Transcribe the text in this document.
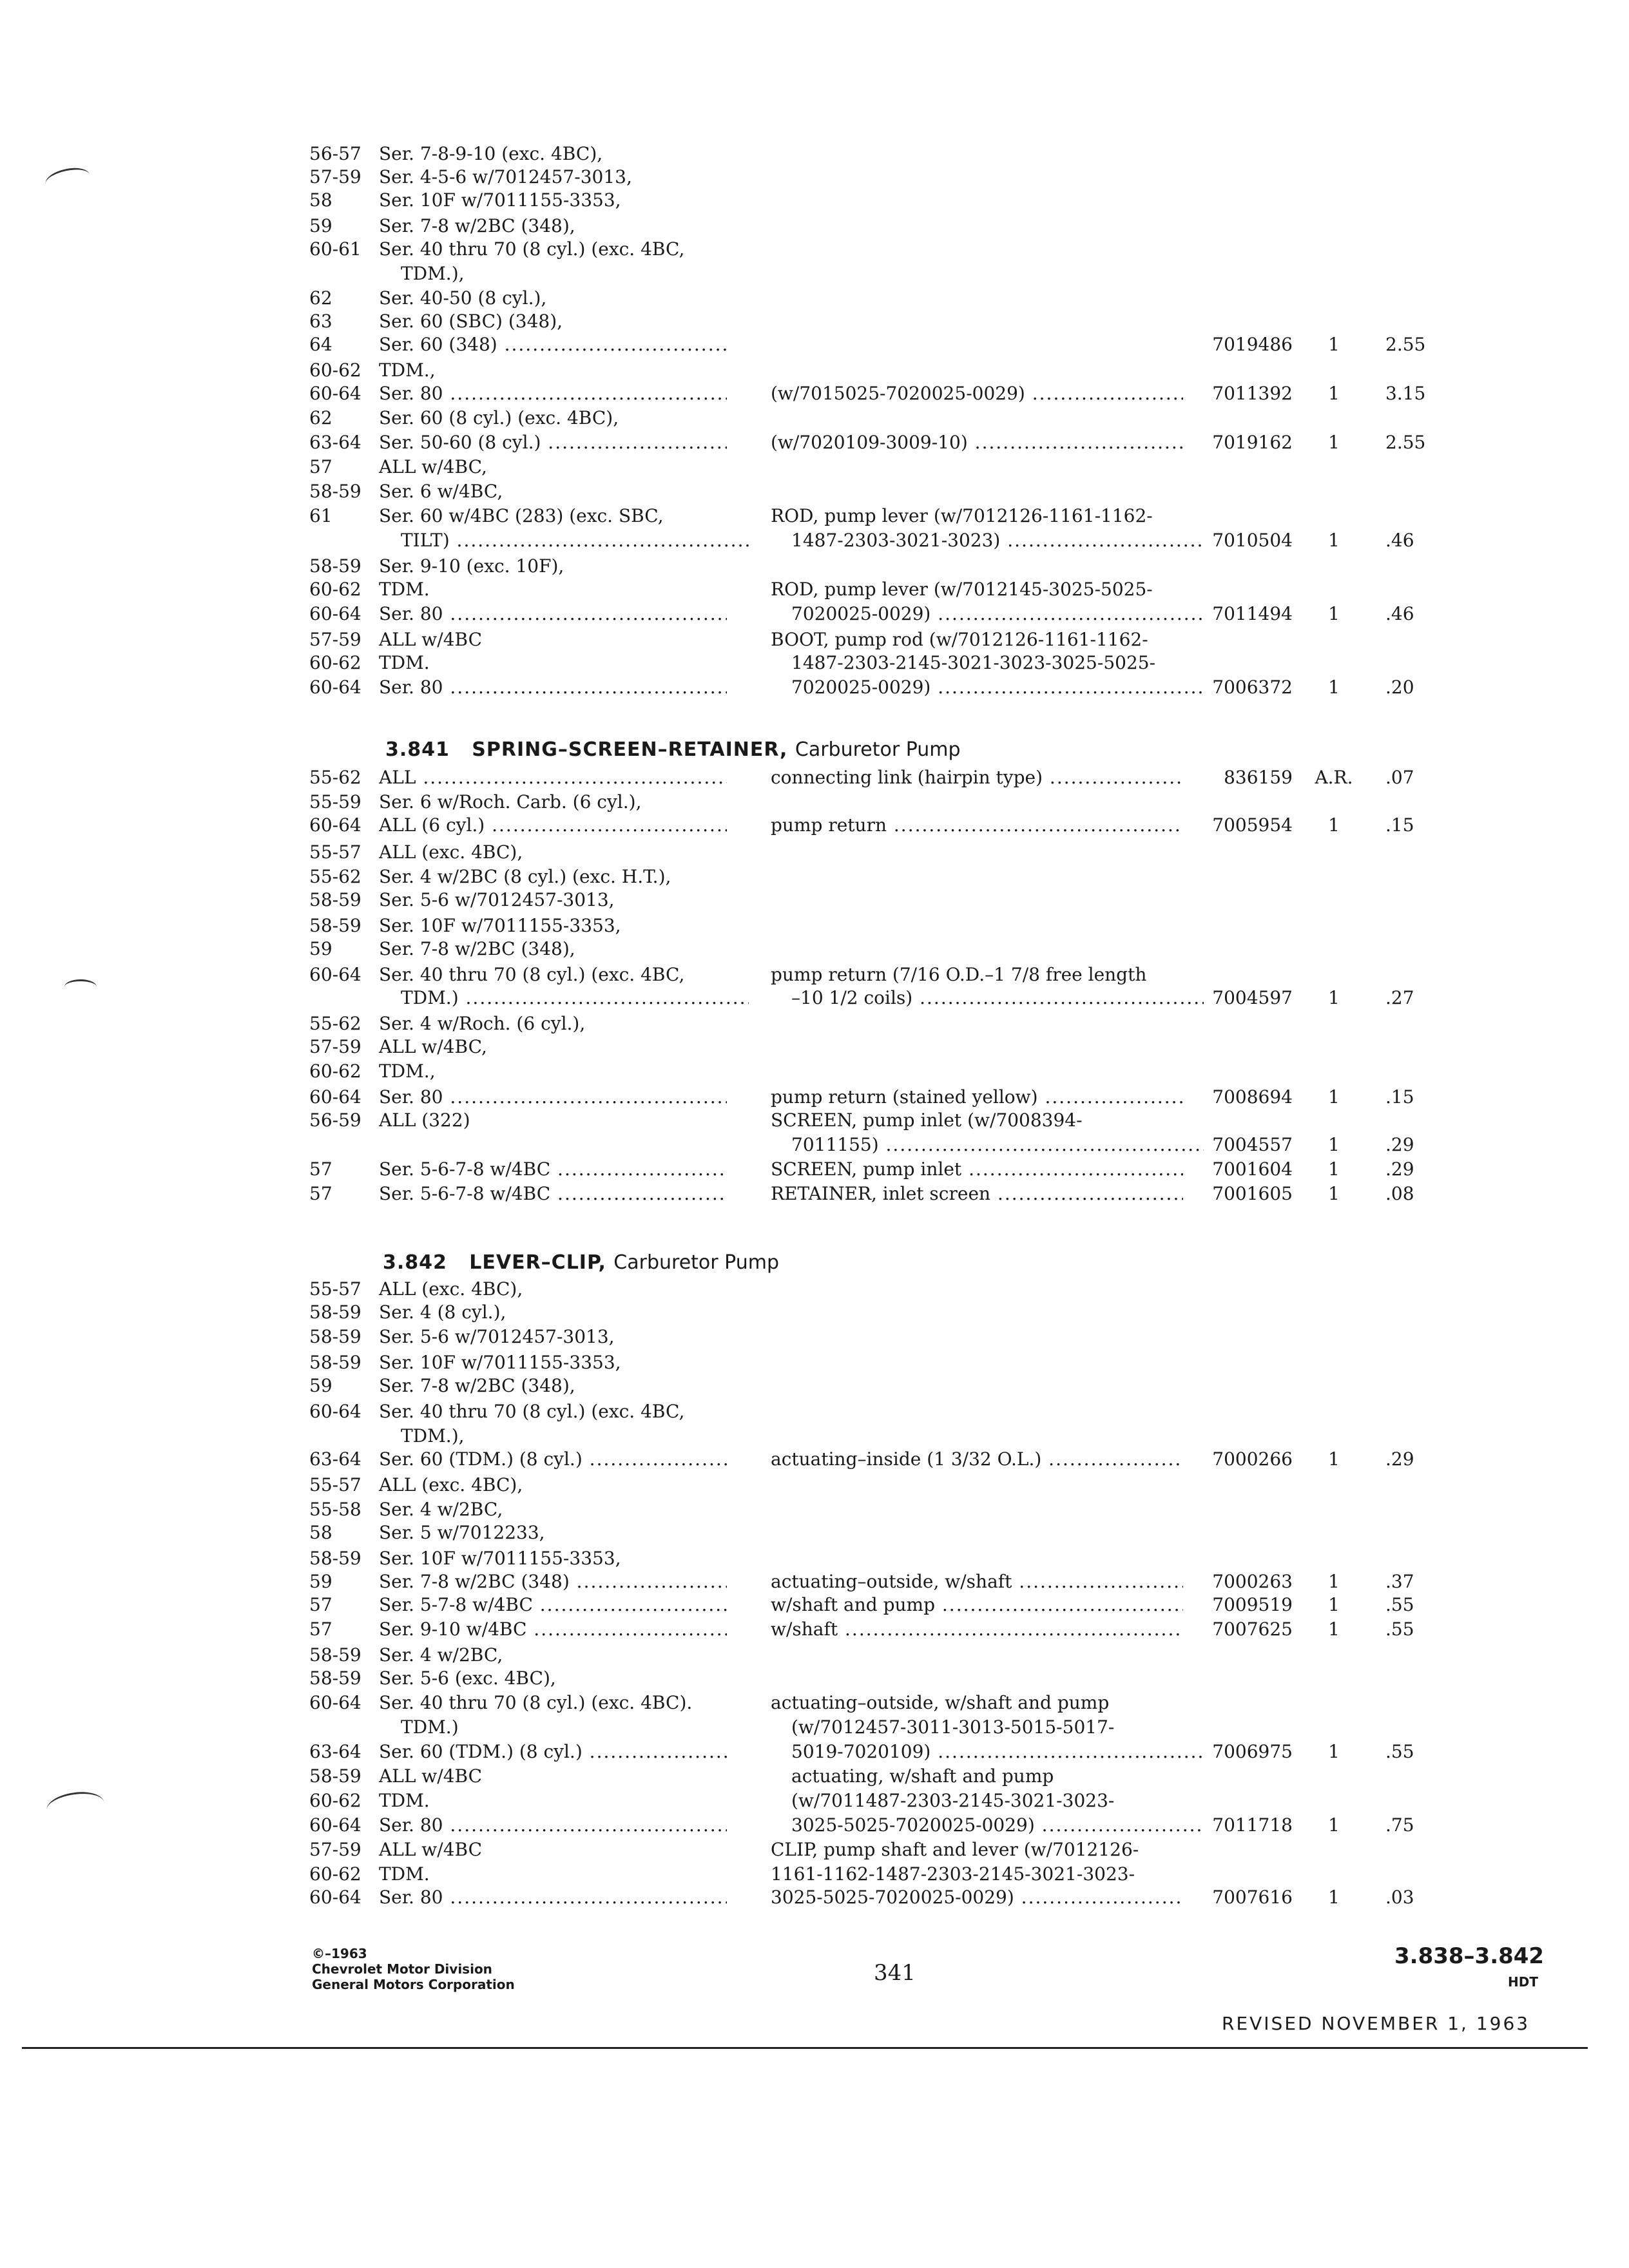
56-57 Ser. 7-8-9-10 (exc. 4BC),
57-59 Ser. 4-5-6 w/7012457-3013,
58	Ser. 10F w/7011155-3353,
59	Ser. 7-8 w/2BC (348),
60-61 Ser. 40 thru 70 (8 cyl.) (exc. 4BC,
TDM.),
62	Ser. 40-50 (8 cyl.),
63	Ser. 60 (SBC) (348),
64	Ser. 60 (348) .....	7019486	1	2.55
60-62 TDM.,
60-64 Ser. 80 .....	(w/7015025-7020025-0029) .....	7011392	1	3.15
62	Ser. 60 (8 cyl.) (exc. 4BC),
63-64 Ser. 50-60 (8 cyl.) .....	(w/7020109-3009-10) .....	7019162	1	2.55
57	ALL w/4BC,
58-59 Ser. 6 w/4BC,
61	Ser. 60 w/4BC (283) (exc. SBC,	ROD, pump lever (w/7012126-1161-1162-
TILT) .....	1487-2303-3021-3023) .....	7010504	1	.46
58-59 Ser. 9-10 (exc. 10F),
60-62 TDM.	ROD, pump lever (w/7012145-3025-5025-
60-64 Ser. 80 .....	7020025-0029) .....	7011494	1	.46
57-59 ALL w/4BC	BOOT, pump rod (w/7012126-1161-1162-
60-62 TDM.	1487-2303-2145-3021-3023-3025-5025-
60-64 Ser. 80 .....	7020025-0029) .....	7006372	1	.20
55-62 ALL .....	connecting link (hairpin type) .....	836159	A.R.	.07
55-59 Ser. 6 w/Roch. Carb. (6 cyl.),
60-64 ALL (6 cyl.) .....	pump return .....	7005954	1	.15
55-57 ALL (exc. 4BC),
55-62 Ser. 4 w/2BC (8 cyl.) (exc. H.T.),
58-59 Ser. 5-6 w/7012457-3013,
58-59 Ser. 10F w/7011155-3353,
59	Ser. 7-8 w/2BC (348),
60-64 Ser. 40 thru 70 (8 cyl.) (exc. 4BC,	pump return (7/16 O.D.–1 7/8 free length
TDM.) .....	–10 1/2 coils) .....	7004597	1	.27
55-62 Ser. 4 w/Roch. (6 cyl.),
57-59 ALL w/4BC,
60-62 TDM.,
60-64 Ser. 80 .....	pump return (stained yellow) .....	7008694	1	.15
56-59 ALL (322)	SCREEN, pump inlet (w/7008394-
7011155) .....	7004557	1	.29
57	Ser. 5-6-7-8 w/4BC .....	SCREEN, pump inlet .....	7001604	1	.29
57	Ser. 5-6-7-8 w/4BC .....	RETAINER, inlet screen .....	7001605	1	.08
55-57 ALL (exc. 4BC),
58-59 Ser. 4 (8 cyl.),
58-59 Ser. 5-6 w/7012457-3013,
58-59 Ser. 10F w/7011155-3353,
59	Ser. 7-8 w/2BC (348),
60-64 Ser. 40 thru 70 (8 cyl.) (exc. 4BC,
TDM.),
63-64 Ser. 60 (TDM.) (8 cyl.) .....	actuating–inside (1 3/32 O.L.) .....	7000266	1	.29
55-57 ALL (exc. 4BC),
55-58 Ser. 4 w/2BC,
58	Ser. 5 w/7012233,
58-59 Ser. 10F w/7011155-3353,
59	Ser. 7-8 w/2BC (348) .....	actuating–outside, w/shaft .....	7000263	1	.37
57	Ser. 5-7-8 w/4BC .....	w/shaft and pump .....	7009519	1	.55
57	Ser. 9-10 w/4BC .....	w/shaft .....	7007625	1	.55
58-59 Ser. 4 w/2BC,
58-59 Ser. 5-6 (exc. 4BC),
60-64 Ser. 40 thru 70 (8 cyl.) (exc. 4BC).	actuating–outside, w/shaft and pump
TDM.)	(w/7012457-3011-3013-5015-5017-
63-64 Ser. 60 (TDM.) (8 cyl.) .....	5019-7020109) .....	7006975	1	.55
58-59 ALL w/4BC	actuating, w/shaft and pump
60-62 TDM.	(w/7011487-2303-2145-3021-3023-
60-64 Ser. 80 .....	3025-5025-7020025-0029) .....	7011718	1	.75
57-59 ALL w/4BC	CLIP, pump shaft and lever (w/7012126-
60-62 TDM.	1161-1162-1487-2303-2145-3021-3023-
60-64 Ser. 80 .....	3025-5025-7020025-0029) .....	7007616	1	.03
3.841 SPRING–SCREEN–RETAINER, Carburetor Pump
3.842 LEVER–CLIP, Carburetor Pump
©–1963
Chevrolet Motor Division
General Motors Corporation	341
3.838–3.842
HDT
REVISED NOVEMBER 1, 1963
